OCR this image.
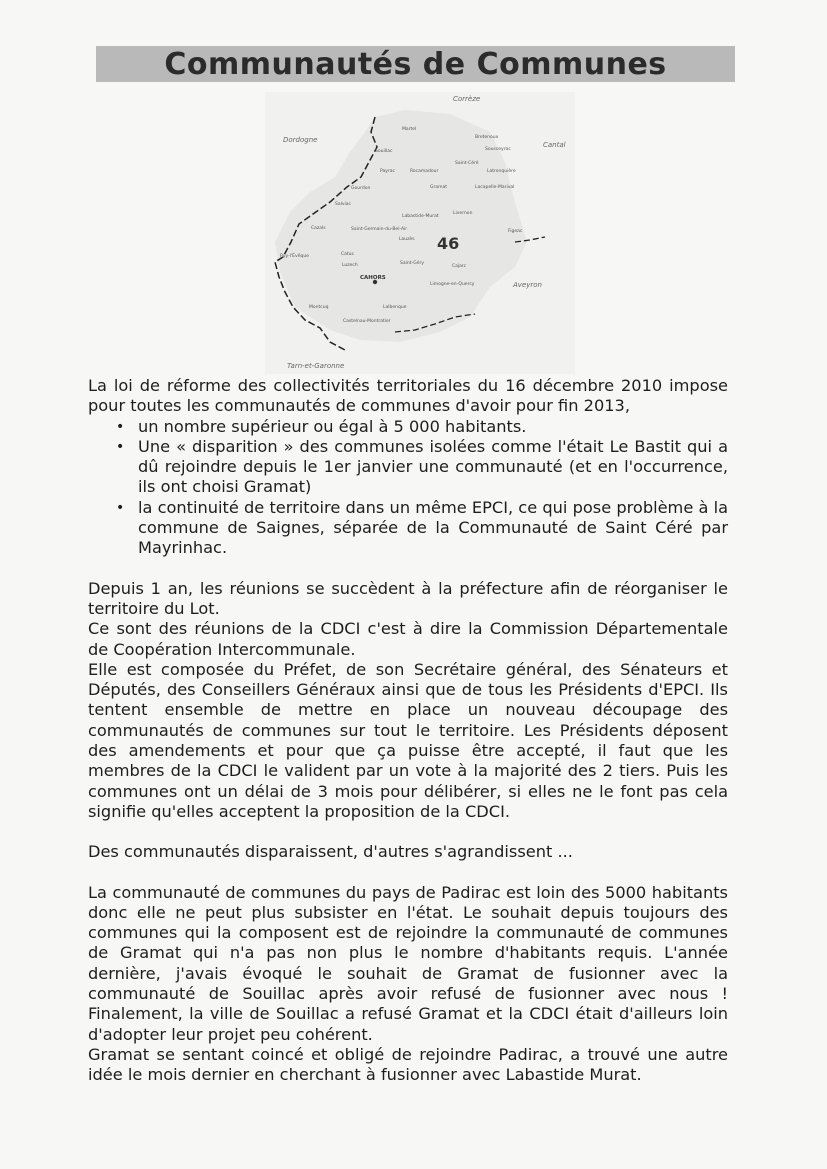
Communautés de Communes
Corrèze
Dordogne
Cantal
Aveyron
Tarn-et-Garonne
46
CAHORS
Martel
Souillac
Saint-Céré
Gramat
Gourdon
Salviac
Labastide-Murat
Livernon
Figeac
Cazals	Saint-Germain-du-Bel-Air
Lauzès
Puy-l'Évêque	Catus
Luzech	Saint-Géry
Cajarc
Lalbenque
Montcuq
Castelnau-Montratier
Limogne-en-Quercy
Payrac	Rocamadour
Bretenoux
Latronquière
Lacapelle-Marival
Sousceyrac

La loi de réforme des collectivités territoriales du 16 décembre 2010 impose pour toutes les communautés de communes d'avoir pour fin 2013,

• un nombre supérieur ou égal à 5 000 habitants.
• Une « disparition » des communes isolées comme l'était Le Bastit qui a dû rejoindre depuis le 1er janvier une communauté (et en l'occurrence, ils ont choisi Gramat)
• la continuité de territoire dans un même EPCI, ce qui pose problème à la commune de Saignes, séparée de la Communauté de Saint Céré par Mayrinhac.

Depuis 1 an, les réunions se succèdent à la préfecture afin de réorganiser le territoire du Lot.

Ce sont des réunions de la CDCI c'est à dire la Commission Départementale de Coopération Intercommunale.

Elle est composée du Préfet, de son Secrétaire général, des Sénateurs et Députés, des Conseillers Généraux ainsi que de tous les Présidents d'EPCI. Ils tentent ensemble de mettre en place un nouveau découpage des communautés de communes sur tout le territoire. Les Présidents déposent des amendements et pour que ça puisse être accepté, il faut que les membres de la CDCI le valident par un vote à la majorité des 2 tiers. Puis les communes ont un délai de 3 mois pour délibérer, si elles ne le font pas cela signifie qu'elles acceptent la proposition de la CDCI.

Des communautés disparaissent, d'autres s'agrandissent ...

La communauté de communes du pays de Padirac est loin des 5000 habitants donc elle ne peut plus subsister en l'état. Le souhait depuis toujours des communes qui la composent est de rejoindre la communauté de communes de Gramat qui n'a pas non plus le nombre d'habitants requis. L'année dernière, j'avais évoqué le souhait de Gramat de fusionner avec la communauté de Souillac après avoir refusé de fusionner avec nous ! Finalement, la ville de Souillac a refusé Gramat et la CDCI était d'ailleurs loin d'adopter leur projet peu cohérent.

Gramat se sentant coincé et obligé de rejoindre Padirac, a trouvé une autre idée le mois dernier en cherchant à fusionner avec Labastide Murat.
